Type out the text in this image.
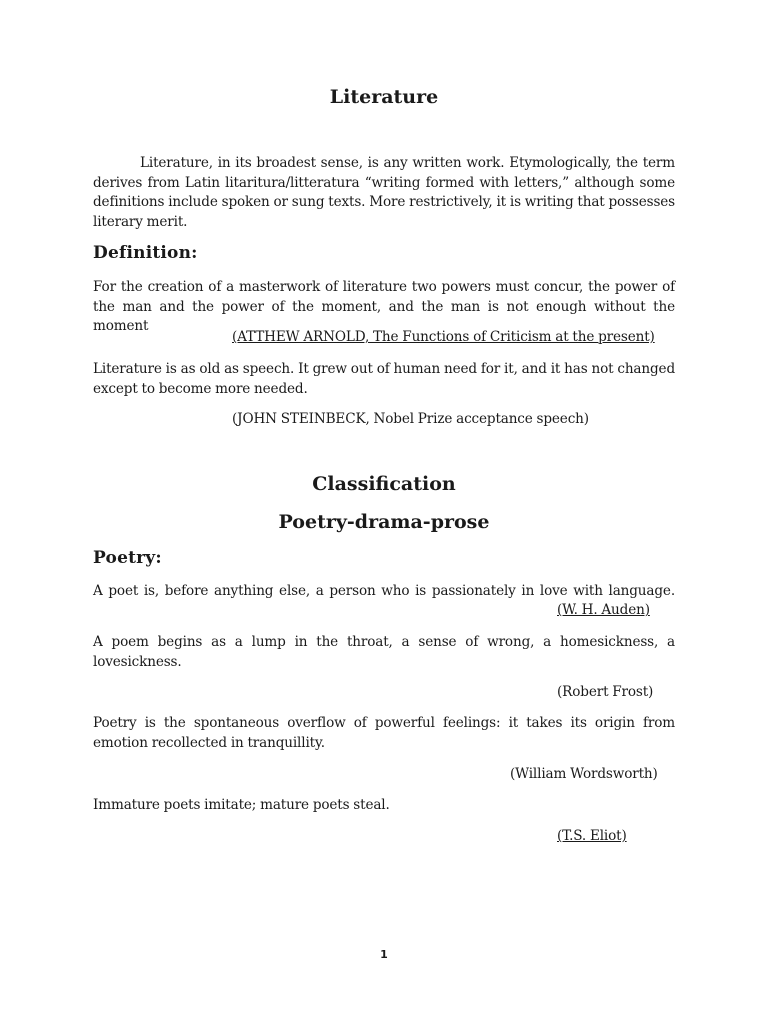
Literature

Literature, in its broadest sense, is any written work. Etymologically, the term derives from Latin litaritura/litteratura “writing formed with letters,” although some definitions include spoken or sung texts. More restrictively, it is writing that possesses literary merit.

Definition:

For the creation of a masterwork of literature two powers must concur, the power of the man and the power of the moment, and the man is not enough without the moment

(ATTHEW ARNOLD, The Functions of Criticism at the present)

Literature is as old as speech. It grew out of human need for it, and it has not changed except to become more needed.

(JOHN STEINBECK, Nobel Prize acceptance speech)

Classification
Poetry-drama-prose
Poetry:

A poet is, before anything else, a person who is passionately in love with language.

(W. H. Auden)

A poem begins as a lump in the throat, a sense of wrong, a homesickness, a lovesickness.

(Robert Frost)

Poetry is the spontaneous overflow of powerful feelings: it takes its origin from emotion recollected in tranquillity.

(William Wordsworth)

Immature poets imitate; mature poets steal.

(T.S. Eliot)

1
